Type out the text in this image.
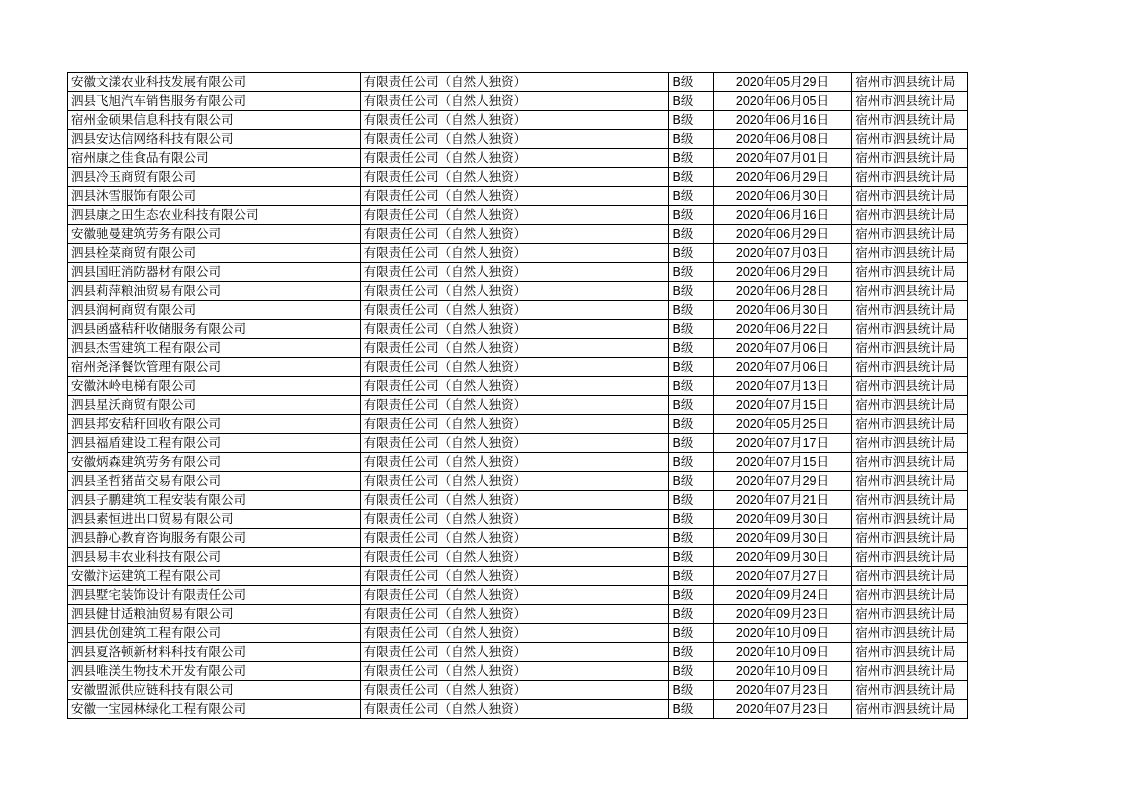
安徽文漾农业科技发展有限公司	有限责任公司（自然人独资）	B级	2020年05月29日	宿州市泗县统计局
泗县飞旭汽车销售服务有限公司	有限责任公司（自然人独资）	B级	2020年06月05日	宿州市泗县统计局
宿州金硕果信息科技有限公司	有限责任公司（自然人独资）	B级	2020年06月16日	宿州市泗县统计局
泗县安达信网络科技有限公司	有限责任公司（自然人独资）	B级	2020年06月08日	宿州市泗县统计局
宿州康之佳食品有限公司	有限责任公司（自然人独资）	B级	2020年07月01日	宿州市泗县统计局
泗县冷玉商贸有限公司	有限责任公司（自然人独资）	B级	2020年06月29日	宿州市泗县统计局
泗县沐雪服饰有限公司	有限责任公司（自然人独资）	B级	2020年06月30日	宿州市泗县统计局
泗县康之田生态农业科技有限公司	有限责任公司（自然人独资）	B级	2020年06月16日	宿州市泗县统计局
安徽驰曼建筑劳务有限公司	有限责任公司（自然人独资）	B级	2020年06月29日	宿州市泗县统计局
泗县栓菜商贸有限公司	有限责任公司（自然人独资）	B级	2020年07月03日	宿州市泗县统计局
泗县国旺消防器材有限公司	有限责任公司（自然人独资）	B级	2020年06月29日	宿州市泗县统计局
泗县莉萍粮油贸易有限公司	有限责任公司（自然人独资）	B级	2020年06月28日	宿州市泗县统计局
泗县润柯商贸有限公司	有限责任公司（自然人独资）	B级	2020年06月30日	宿州市泗县统计局
泗县函盛秸秆收储服务有限公司	有限责任公司（自然人独资）	B级	2020年06月22日	宿州市泗县统计局
泗县杰雪建筑工程有限公司	有限责任公司（自然人独资）	B级	2020年07月06日	宿州市泗县统计局
宿州尧泽餐饮管理有限公司	有限责任公司（自然人独资）	B级	2020年07月06日	宿州市泗县统计局
安徽沐岭电梯有限公司	有限责任公司（自然人独资）	B级	2020年07月13日	宿州市泗县统计局
泗县星沃商贸有限公司	有限责任公司（自然人独资）	B级	2020年07月15日	宿州市泗县统计局
泗县邦安秸秆回收有限公司	有限责任公司（自然人独资）	B级	2020年05月25日	宿州市泗县统计局
泗县福盾建设工程有限公司	有限责任公司（自然人独资）	B级	2020年07月17日	宿州市泗县统计局
安徽炳森建筑劳务有限公司	有限责任公司（自然人独资）	B级	2020年07月15日	宿州市泗县统计局
泗县圣哲猪苗交易有限公司	有限责任公司（自然人独资）	B级	2020年07月29日	宿州市泗县统计局
泗县子鹏建筑工程安装有限公司	有限责任公司（自然人独资）	B级	2020年07月21日	宿州市泗县统计局
泗县素恒进出口贸易有限公司	有限责任公司（自然人独资）	B级	2020年09月30日	宿州市泗县统计局
泗县静心教育咨询服务有限公司	有限责任公司（自然人独资）	B级	2020年09月30日	宿州市泗县统计局
泗县易丰农业科技有限公司	有限责任公司（自然人独资）	B级	2020年09月30日	宿州市泗县统计局
安徽汴运建筑工程有限公司	有限责任公司（自然人独资）	B级	2020年07月27日	宿州市泗县统计局
泗县墅宅装饰设计有限责任公司	有限责任公司（自然人独资）	B级	2020年09月24日	宿州市泗县统计局
泗县健甘适粮油贸易有限公司	有限责任公司（自然人独资）	B级	2020年09月23日	宿州市泗县统计局
泗县优创建筑工程有限公司	有限责任公司（自然人独资）	B级	2020年10月09日	宿州市泗县统计局
泗县夏洛顿新材料科技有限公司	有限责任公司（自然人独资）	B级	2020年10月09日	宿州市泗县统计局
泗县唯渼生物技术开发有限公司	有限责任公司（自然人独资）	B级	2020年10月09日	宿州市泗县统计局
安徽盟派供应链科技有限公司	有限责任公司（自然人独资）	B级	2020年07月23日	宿州市泗县统计局
安徽一宝园林绿化工程有限公司	有限责任公司（自然人独资）	B级	2020年07月23日	宿州市泗县统计局
